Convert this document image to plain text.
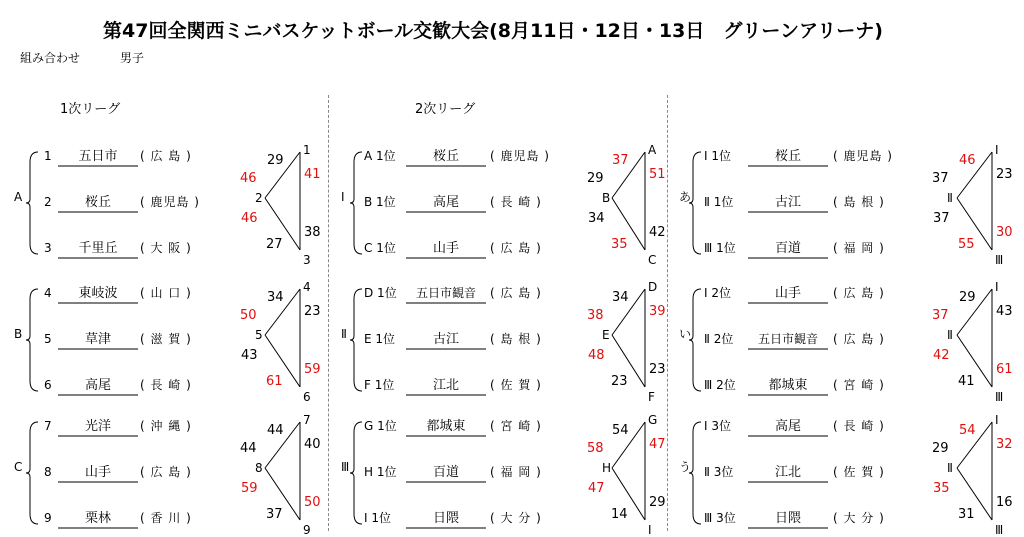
第47回全関西ミニバスケットボール交歓大会(8月11日・12日・13日　グリーンアリーナ)
組み合わせ	男子
1次リーグ	2次リーグ
A
1	五日市	( 広 島 )
2	桜丘	( 鹿児島 )
3	千里丘	( 大 阪 )
1
2
3
29
46	41
38
46
27
B
4	東岐波	( 山 口 )
5	草津	( 滋 賀 )
6	高尾	( 長 崎 )
4
5
6
34
50	23
59
43
61
C
7	光洋	( 沖 縄 )
8	山手	( 広 島 )
9	栗林	( 香 川 )
7
8
9
44
44	40
50
59
37
Ⅰ
A 1位	桜丘	( 鹿児島 )
B 1位	高尾	( 長 崎 )
C 1位	山手	( 広 島 )
A
B
C
37
29	51
42
34
35
Ⅱ
D 1位	五日市観音	( 広 島 )
E 1位	古江	( 島 根 )
F 1位	江北	( 佐 賀 )
D
E
F
34
38	39
23
48
23
Ⅲ
G 1位	都城東	( 宮 崎 )
H 1位	百道	( 福 岡 )
I 1位	日隈	( 大 分 )
G
H
I
54
58	47
29
47
14
あ
Ⅰ 1位	桜丘	( 鹿児島 )
Ⅱ 1位	古江	( 島 根 )
Ⅲ 1位	百道	( 福 岡 )
Ⅰ
Ⅱ
Ⅲ
46
37	23
30
37
55
い
Ⅰ 2位	山手	( 広 島 )
Ⅱ 2位	五日市観音	( 広 島 )
Ⅲ 2位	都城東	( 宮 崎 )
Ⅰ
Ⅱ
Ⅲ
29
37	43
61
42
41
う
Ⅰ 3位	高尾	( 長 崎 )
Ⅱ 3位	江北	( 佐 賀 )
Ⅲ 3位	日隈	( 大 分 )
Ⅰ
Ⅱ
Ⅲ
54
29	32
16
35
31
